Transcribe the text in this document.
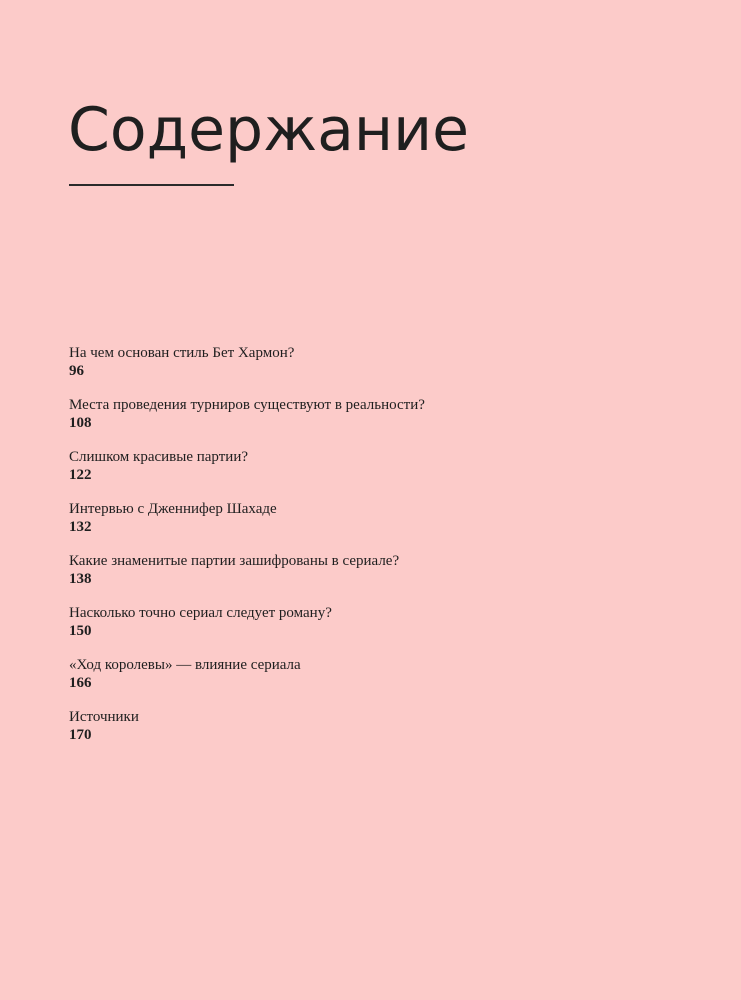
Содержание
На чем основан стиль Бет Хармон?
96
Места проведения турниров существуют в реальности?
108
Слишком красивые партии?
122
Интервью с Дженнифер Шахаде
132
Какие знаменитые партии зашифрованы в сериале?
138
Насколько точно сериал следует роману?
150
«Ход королевы» — влияние сериала
166
Источники
170
